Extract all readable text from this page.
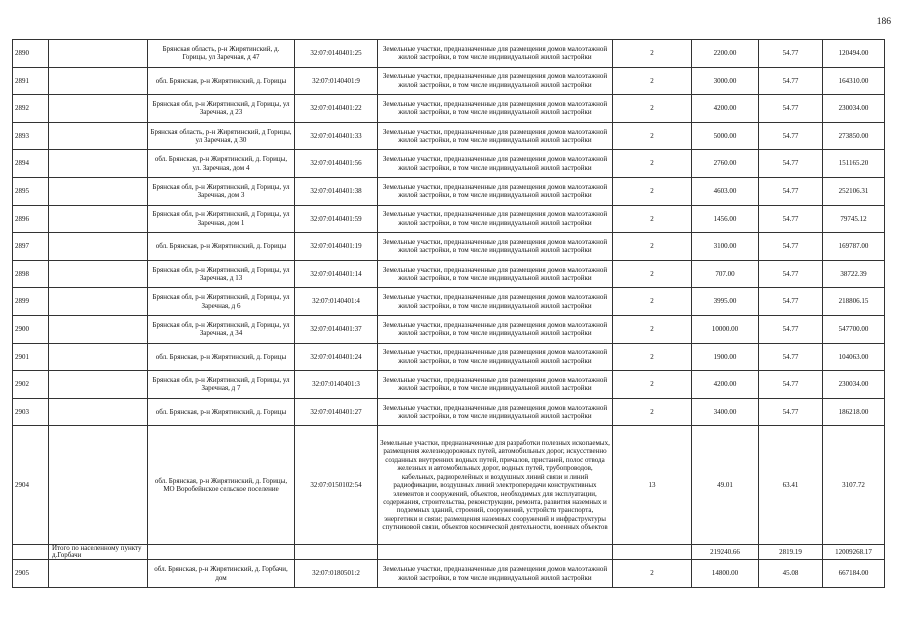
186
2890		Брянская область, р-н Жирятинский, д. Горицы, ул Заречная, д 47	32:07:0140401:25	Земельные участки, предназначенные для размещения домов малоэтажной жилой застройки, в том числе индивидуальной жилой застройки	2	2200.00	54.77	120494.00
2891		обл. Брянская, р-н Жирятинский, д. Горицы	32:07:0140401:9	Земельные участки, предназначенные для размещения домов малоэтажной жилой застройки, в том числе индивидуальной жилой застройки	2	3000.00	54.77	164310.00
2892		Брянская обл, р-н Жирятинский, д Горицы, ул Заречная, д 23	32:07:0140401:22	Земельные участки, предназначенные для размещения домов малоэтажной жилой застройки, в том числе индивидуальной жилой застройки	2	4200.00	54.77	230034.00
2893		Брянская область, р-н Жирятинский, д Горицы, ул Заречная, д 30	32:07:0140401:33	Земельные участки, предназначенные для размещения домов малоэтажной жилой застройки, в том числе индивидуальной жилой застройки	2	5000.00	54.77	273850.00
2894		обл. Брянская, р-н Жирятинский, д. Горицы, ул. Заречная, дом 4	32:07:0140401:56	Земельные участки, предназначенные для размещения домов малоэтажной жилой застройки, в том числе индивидуальной жилой застройки	2	2760.00	54.77	151165.20
2895		Брянская обл, р-н Жирятинский, д Горицы, ул Заречная, дом 3	32:07:0140401:38	Земельные участки, предназначенные для размещения домов малоэтажной жилой застройки, в том числе индивидуальной жилой застройки	2	4603.00	54.77	252106.31
2896		Брянская обл, р-н Жирятинский, д Горицы, ул Заречная, дом 1	32:07:0140401:59	Земельные участки, предназначенные для размещения домов малоэтажной жилой застройки, в том числе индивидуальной жилой застройки	2	1456.00	54.77	79745.12
2897		обл. Брянская, р-н Жирятинский, д. Горицы	32:07:0140401:19	Земельные участки, предназначенные для размещения домов малоэтажной жилой застройки, в том числе индивидуальной жилой застройки	2	3100.00	54.77	169787.00
2898		Брянская обл, р-н Жирятинский, д Горицы, ул Заречная, д 13	32:07:0140401:14	Земельные участки, предназначенные для размещения домов малоэтажной жилой застройки, в том числе индивидуальной жилой застройки	2	707.00	54.77	38722.39
2899		Брянская обл, р-н Жирятинский, д Горицы, ул Заречная, д 6	32:07:0140401:4	Земельные участки, предназначенные для размещения домов малоэтажной жилой застройки, в том числе индивидуальной жилой застройки	2	3995.00	54.77	218806.15
2900		Брянская обл, р-н Жирятинский, д Горицы, ул Заречная, д 34	32:07:0140401:37	Земельные участки, предназначенные для размещения домов малоэтажной жилой застройки, в том числе индивидуальной жилой застройки	2	10000.00	54.77	547700.00
2901		обл. Брянская, р-н Жирятинский, д. Горицы	32:07:0140401:24	Земельные участки, предназначенные для размещения домов малоэтажной жилой застройки, в том числе индивидуальной жилой застройки	2	1900.00	54.77	104063.00
2902		Брянская обл, р-н Жирятинский, д Горицы, ул Заречная, д 7	32:07:0140401:3	Земельные участки, предназначенные для размещения домов малоэтажной жилой застройки, в том числе индивидуальной жилой застройки	2	4200.00	54.77	230034.00
2903		обл. Брянская, р-н Жирятинский, д. Горицы	32:07:0140401:27	Земельные участки, предназначенные для размещения домов малоэтажной жилой застройки, в том числе индивидуальной жилой застройки	2	3400.00	54.77	186218.00
2904		обл. Брянская, р-н Жирятинский, д. Горицы, МО Воробейнское сельское поселение	32:07:0150102:54	Земельные участки, предназначенные для разработки полезных ископаемых, размещения железнодорожных путей, автомобильных дорог, искусственно созданных внутренних водных путей, причалов, пристаней, полос отвода железных и автомобильных дорог, водных путей, трубопроводов, кабельных, радиорелейных и воздушных линий связи и линий радиофикации, воздушных линий электропередачи конструктивных элементов и сооружений, объектов, необходимых для эксплуатации, содержания, строительства, реконструкции, ремонта, развития наземных и подземных зданий, строений, сооружений, устройств транспорта, энергетики и связи; размещения наземных сооружений и инфраструктуры спутниковой связи, объектов космической деятельности, военных объектов	13	49.01	63.41	3107.72
	Итого по населенному пункту д.Горбачи					219240.66	2819.19	12009268.17
2905		обл. Брянская, р-н Жирятинский, д. Горбачи, дом	32:07:0180501:2	Земельные участки, предназначенные для размещения домов малоэтажной жилой застройки, в том числе индивидуальной жилой застройки	2	14800.00	45.08	667184.00
